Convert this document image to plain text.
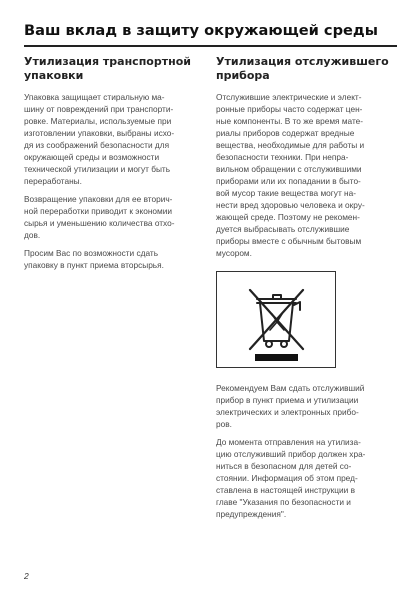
Ваш вклад в защиту окружающей среды
Утилизация транспортной
упаковки

Упаковка защищает стиральную ма-
шину от повреждений при транспорти-
ровке. Материалы, используемые при
изготовлении упаковки, выбраны исхо-
дя из соображений безопасности для
окружающей среды и возможности
технической утилизации и могут быть
переработаны.

Возвращение упаковки для ее вторич-
ной переработки приводит к экономии
сырья и уменьшению количества отхо-
дов.

Просим Вас по возможности сдать
упаковку в пункт приема вторсырья.

Утилизация отслужившего
прибора

Отслужившие электрические и элект-
ронные приборы часто содержат цен-
ные компоненты. В то же время мате-
риалы приборов содержат вредные
вещества, необходимые для работы и
безопасности техники. При непра-
вильном обращении с отслужившими
приборами или их попадании в быто-
вой мусор такие вещества могут на-
нести вред здоровью человека и окру-
жающей среде. Поэтому не рекомен-
дуется выбрасывать отслужившие
приборы вместе с обычным бытовым
мусором.

Рекомендуем Вам сдать отслуживший
прибор в пункт приема и утилизации
электрических и электронных прибо-
ров.

До момента отправления на утилиза-
цию отслуживший прибор должен хра-
ниться в безопасном для детей со-
стоянии. Информация об этом пред-
ставлена в настоящей инструкции в
главе "Указания по безопасности и
предупреждения".

2
